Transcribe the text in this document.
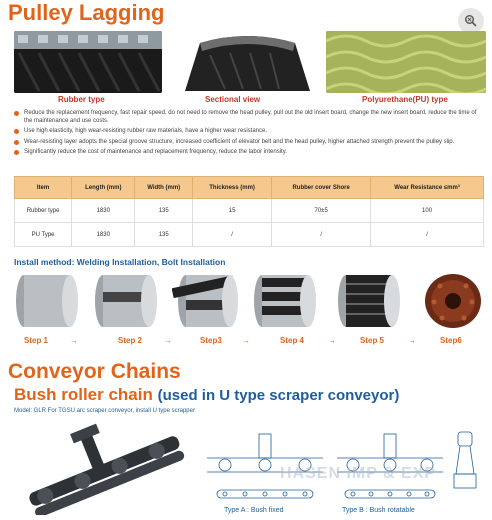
Pulley Lagging
Rubber type	Sectional view	Polyurethane(PU) type
Reduce the replacement frequency, fast repair speed, do not need to remove the head pulley, pull out the old insert board, change the new insert board, reduce the time of the maintenance and use costs.
Use high elasticity, high wear-resisting rubber raw materials, have a higher wear resistance.
Wear-resisting layer adopts the special groove structure, increased coefficient of elevator belt and the head pulley, higher attached strength prevent the pulley slip.
Significantly reduce the cost of maintenance and replacement frequency, reduce the labor intensity.
Item	Length (mm)	Width (mm)	Thickness (mm)	Rubber cover Shore	Wear Resistance ≤mm³
Rubber type	1830	135	15	70±5	100
PU Type	1830	135	/	/	/
Install method: Welding Installation, Bolt Installation
Step 1	→	Step 2	→	Step3	→	Step 4	→	Step 5	→	Step6
Conveyor Chains
Bush roller chain (used in U type scraper conveyor)
Model: GLR For TGSU arc scraper conveyor, install U type scrapper
HASEN IMP & EXP
Type A : Bush fixed	Type B : Bush rotatable
